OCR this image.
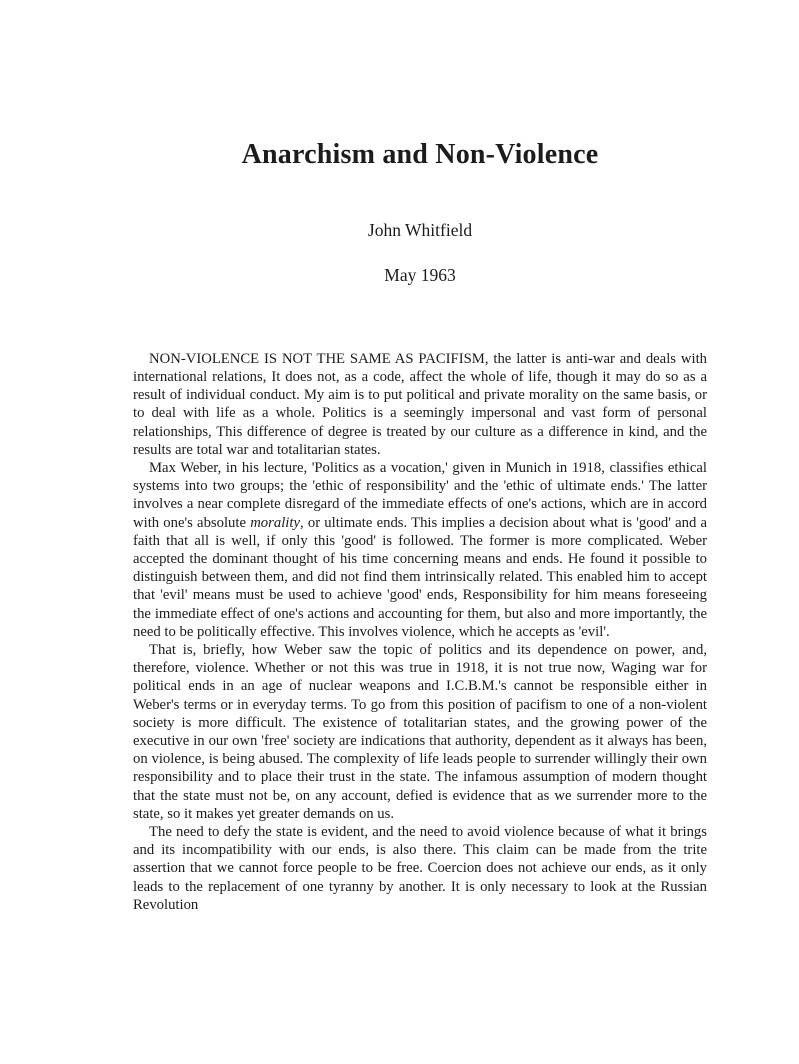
Anarchism and Non-Violence
John Whitfield
May 1963

NON-VIOLENCE IS NOT THE SAME AS PACIFISM, the latter is anti-war and deals with international relations, It does not, as a code, affect the whole of life, though it may do so as a result of individual conduct. My aim is to put political and private morality on the same basis, or to deal with life as a whole. Politics is a seemingly impersonal and vast form of personal relationships, This difference of degree is treated by our culture as a difference in kind, and the results are total war and totalitarian states.

Max Weber, in his lecture, 'Politics as a vocation,' given in Munich in 1918, classifies ethical systems into two groups; the 'ethic of responsibility' and the 'ethic of ultimate ends.' The latter involves a near complete disregard of the immediate effects of one's actions, which are in accord with one's absolute morality, or ultimate ends. This implies a decision about what is 'good' and a faith that all is well, if only this 'good' is followed. The former is more complicated. Weber accepted the dominant thought of his time concerning means and ends. He found it possible to distinguish between them, and did not find them intrinsically related. This enabled him to accept that 'evil' means must be used to achieve 'good' ends, Responsibility for him means foreseeing the immediate effect of one's actions and accounting for them, but also and more importantly, the need to be politically effective. This involves violence, which he accepts as 'evil'.

That is, briefly, how Weber saw the topic of politics and its dependence on power, and, therefore, violence. Whether or not this was true in 1918, it is not true now, Waging war for political ends in an age of nuclear weapons and I.C.B.M.'s cannot be responsible either in Weber's terms or in everyday terms. To go from this position of pacifism to one of a non-violent society is more difficult. The existence of totalitarian states, and the growing power of the executive in our own 'free' society are indications that authority, dependent as it always has been, on violence, is being abused. The complexity of life leads people to surrender willingly their own responsibility and to place their trust in the state. The infamous assumption of modern thought that the state must not be, on any account, defied is evidence that as we surrender more to the state, so it makes yet greater demands on us.

The need to defy the state is evident, and the need to avoid violence because of what it brings and its incompatibility with our ends, is also there. This claim can be made from the trite assertion that we cannot force people to be free. Coercion does not achieve our ends, as it only leads to the replacement of one tyranny by another. It is only necessary to look at the Russian Revolution
